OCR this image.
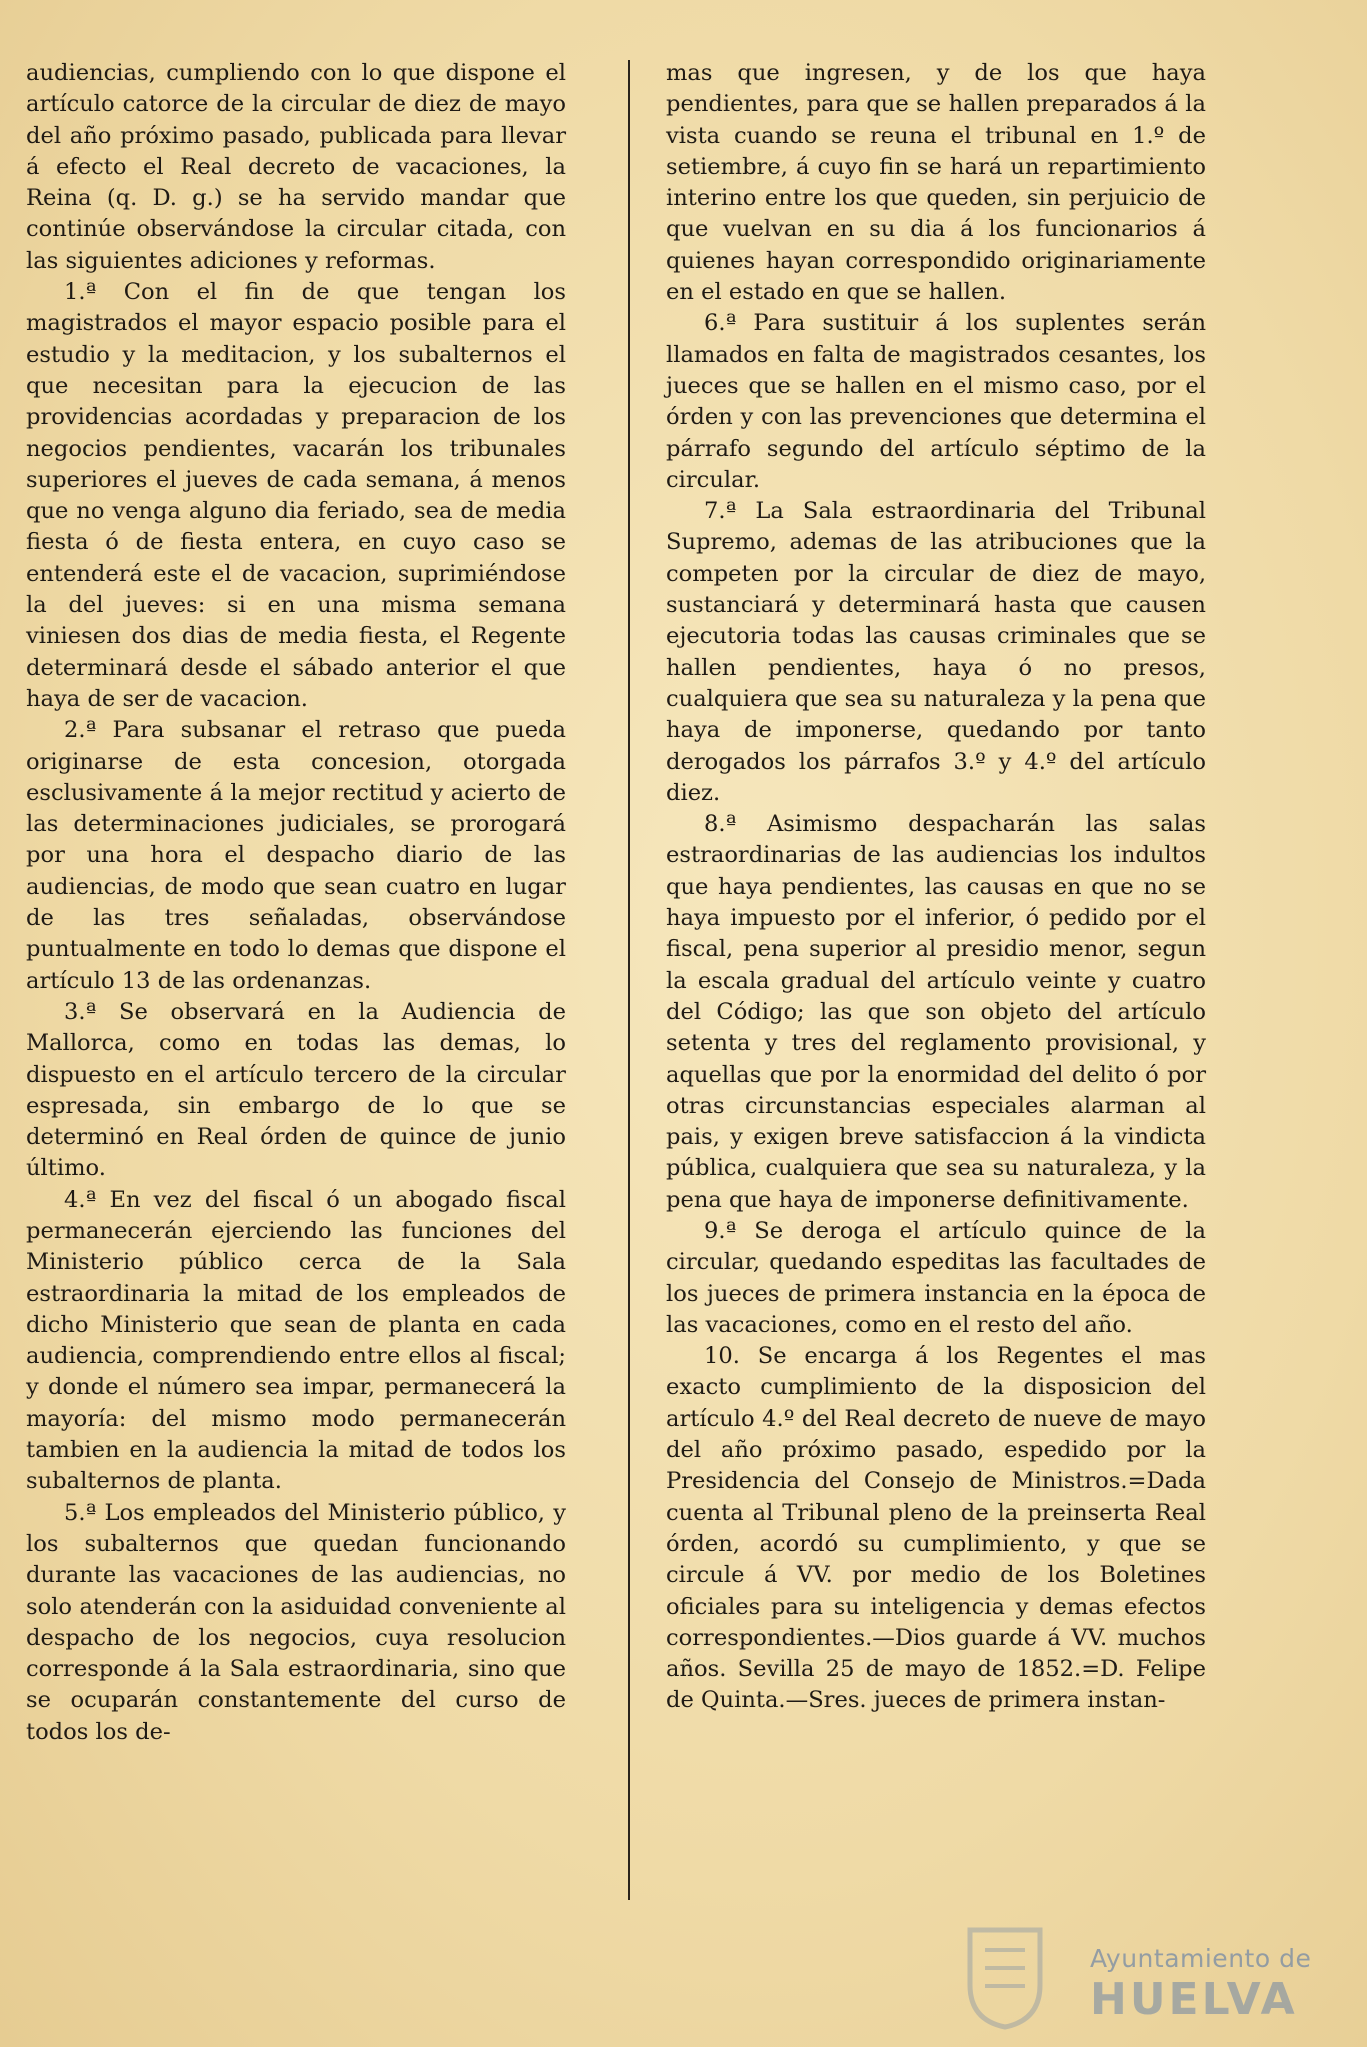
audiencias, cumpliendo con lo que dispone el artículo catorce de la circular de diez de mayo del año próximo pasado, publicada para llevar á efecto el Real decreto de vacaciones, la Reina (q. D. g.) se ha servido mandar que continúe observándose la circular citada, con las siguientes adiciones y reformas.

1.ª Con el fin de que tengan los magistrados el mayor espacio posible para el estudio y la meditacion, y los subalternos el que necesitan para la ejecucion de las providencias acordadas y preparacion de los negocios pendientes, vacarán los tribunales superiores el jueves de cada semana, á menos que no venga alguno dia feriado, sea de media fiesta ó de fiesta entera, en cuyo caso se entenderá este el de vacacion, suprimiéndose la del jueves: si en una misma semana viniesen dos dias de media fiesta, el Regente determinará desde el sábado anterior el que haya de ser de vacacion.

2.ª Para subsanar el retraso que pueda originarse de esta concesion, otorgada esclusivamente á la mejor rectitud y acierto de las determinaciones judiciales, se prorogará por una hora el despacho diario de las audiencias, de modo que sean cuatro en lugar de las tres señaladas, observándose puntualmente en todo lo demas que dispone el artículo 13 de las ordenanzas.

3.ª Se observará en la Audiencia de Mallorca, como en todas las demas, lo dispuesto en el artículo tercero de la circular espresada, sin embargo de lo que se determinó en Real órden de quince de junio último.

4.ª En vez del fiscal ó un abogado fiscal permanecerán ejerciendo las funciones del Ministerio público cerca de la Sala estraordinaria la mitad de los empleados de dicho Ministerio que sean de planta en cada audiencia, comprendiendo entre ellos al fiscal; y donde el número sea impar, permanecerá la mayoría: del mismo modo permanecerán tambien en la audiencia la mitad de todos los subalternos de planta.

5.ª Los empleados del Ministerio público, y los subalternos que quedan funcionando durante las vacaciones de las audiencias, no solo atenderán con la asiduidad conveniente al despacho de los negocios, cuya resolucion corresponde á la Sala estraordinaria, sino que se ocuparán constantemente del curso de todos los de-

mas que ingresen, y de los que haya pendientes, para que se hallen preparados á la vista cuando se reuna el tribunal en 1.º de setiembre, á cuyo fin se hará un repartimiento interino entre los que queden, sin perjuicio de que vuelvan en su dia á los funcionarios á quienes hayan correspondido originariamente en el estado en que se hallen.

6.ª Para sustituir á los suplentes serán llamados en falta de magistrados cesantes, los jueces que se hallen en el mismo caso, por el órden y con las prevenciones que determina el párrafo segundo del artículo séptimo de la circular.

7.ª La Sala estraordinaria del Tribunal Supremo, ademas de las atribuciones que la competen por la circular de diez de mayo, sustanciará y determinará hasta que causen ejecutoria todas las causas criminales que se hallen pendientes, haya ó no presos, cualquiera que sea su naturaleza y la pena que haya de imponerse, quedando por tanto derogados los párrafos 3.º y 4.º del artículo diez.

8.ª Asimismo despacharán las salas estraordinarias de las audiencias los indultos que haya pendientes, las causas en que no se haya impuesto por el inferior, ó pedido por el fiscal, pena superior al presidio menor, segun la escala gradual del artículo veinte y cuatro del Código; las que son objeto del artículo setenta y tres del reglamento provisional, y aquellas que por la enormidad del delito ó por otras circunstancias especiales alarman al pais, y exigen breve satisfaccion á la vindicta pública, cualquiera que sea su naturaleza, y la pena que haya de imponerse definitivamente.

9.ª Se deroga el artículo quince de la circular, quedando espeditas las facultades de los jueces de primera instancia en la época de las vacaciones, como en el resto del año.

10. Se encarga á los Regentes el mas exacto cumplimiento de la disposicion del artículo 4.º del Real decreto de nueve de mayo del año próximo pasado, espedido por la Presidencia del Consejo de Ministros.=Dada cuenta al Tribunal pleno de la preinserta Real órden, acordó su cumplimiento, y que se circule á VV. por medio de los Boletines oficiales para su inteligencia y demas efectos correspondientes.—Dios guarde á VV. muchos años. Sevilla 25 de mayo de 1852.=D. Felipe de Quinta.—Sres. jueces de primera instan-

Ayuntamiento de
HUELVA
